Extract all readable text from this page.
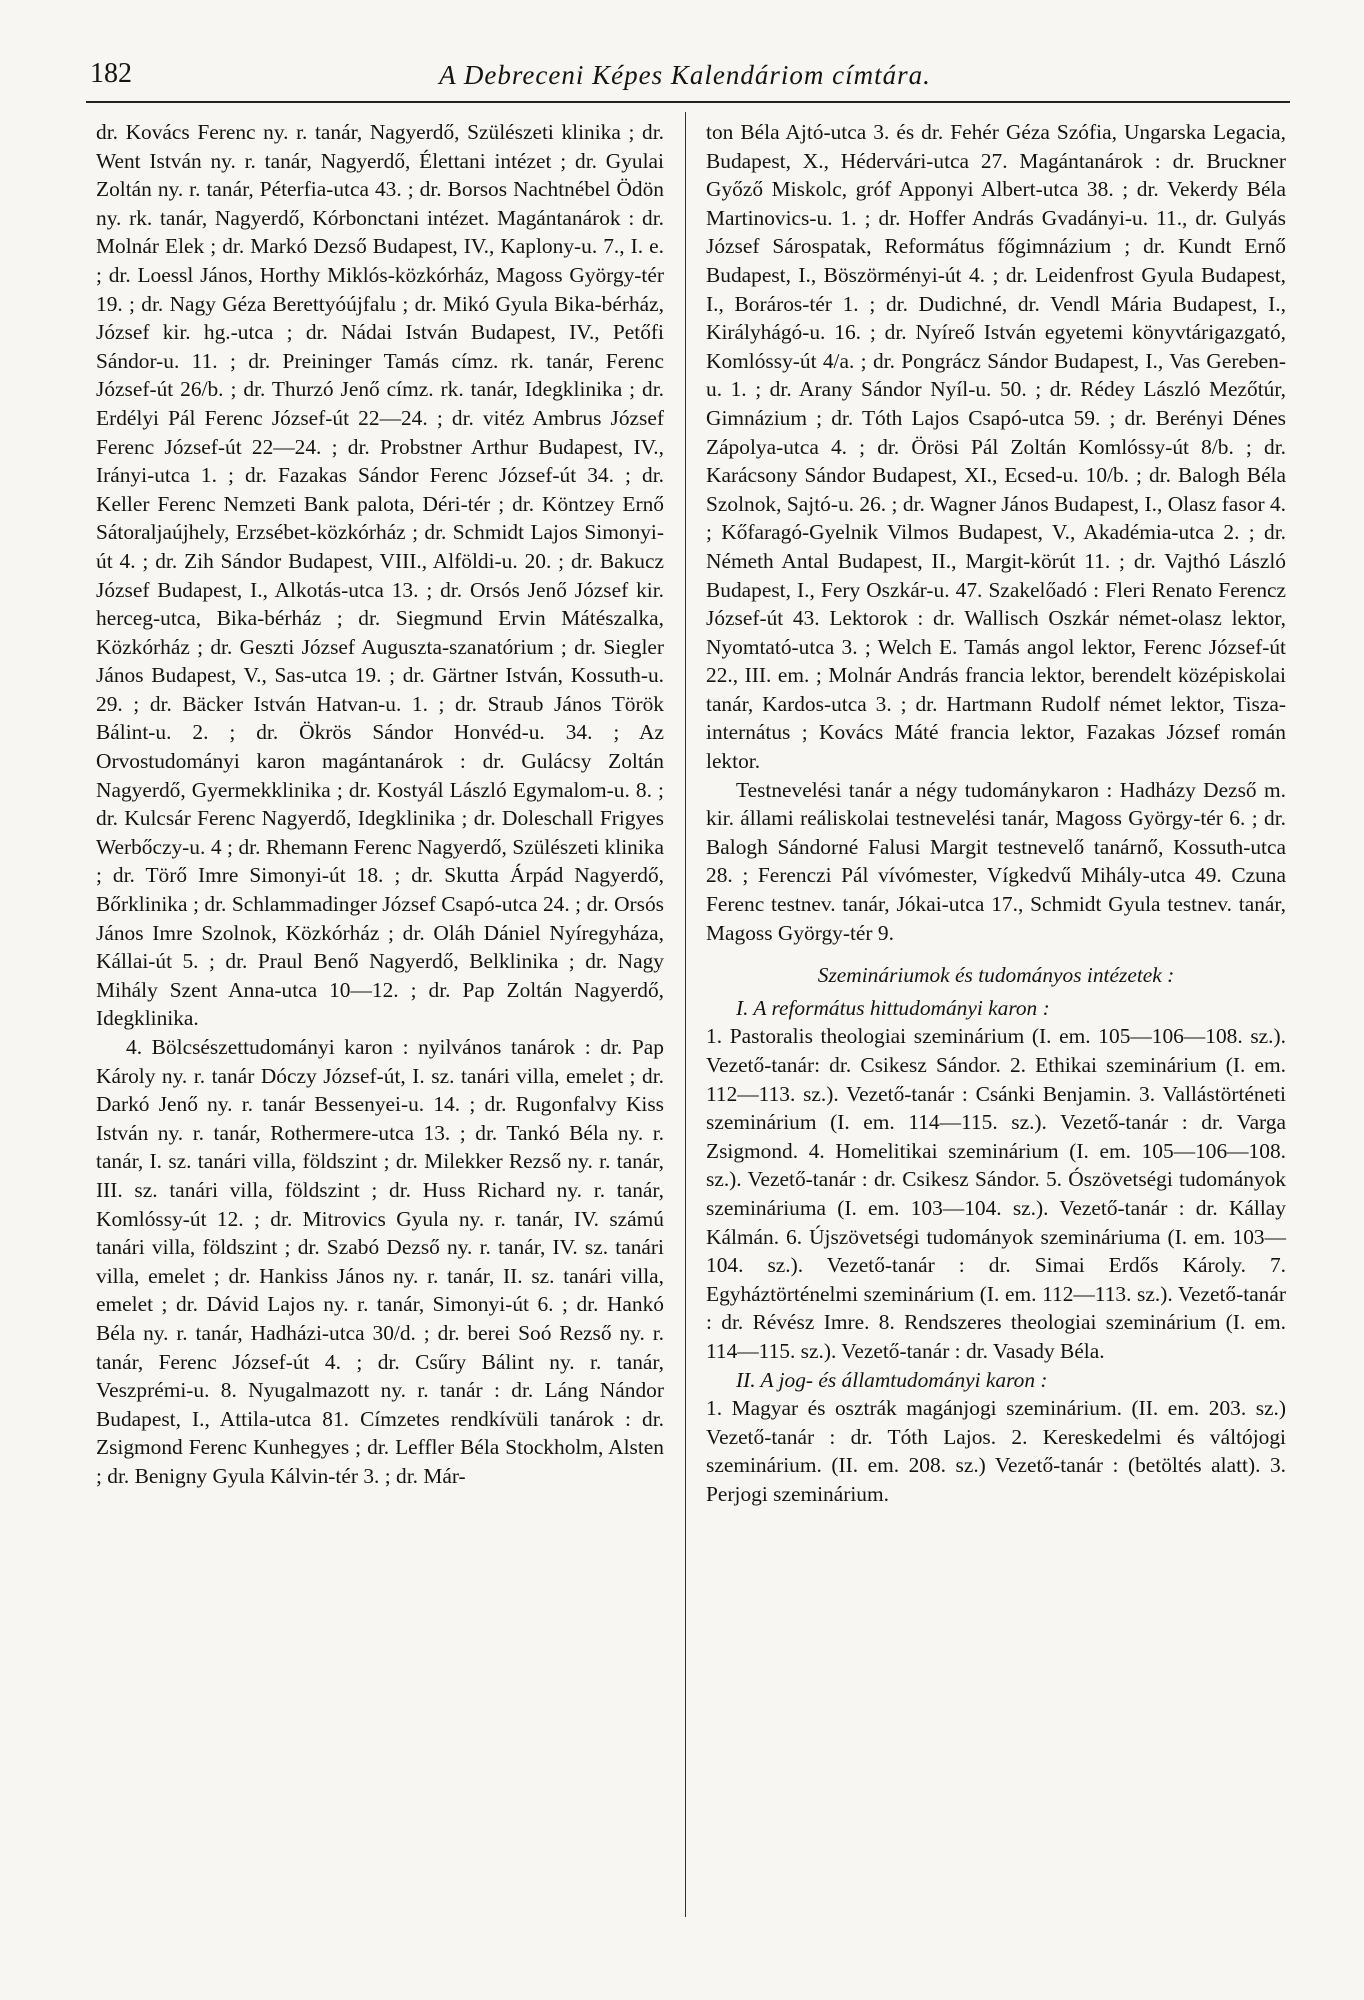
182	A Debreceni Képes Kalendáriom címtára.

dr. Kovács Ferenc ny. r. tanár, Nagyerdő, Szülészeti klinika ; dr. Went István ny. r. tanár, Nagyerdő, Élettani intézet ; dr. Gyulai Zoltán ny. r. tanár, Péterfia-utca 43. ; dr. Borsos Nachtnébel Ödön ny. rk. tanár, Nagyerdő, Kórbonctani intézet. Magántanárok : dr. Molnár Elek ; dr. Markó Dezső Budapest, IV., Kaplony-u. 7., I. e. ; dr. Loessl János, Horthy Miklós-közkórház, Magoss György-tér 19. ; dr. Nagy Géza Berettyóújfalu ; dr. Mikó Gyula Bika-bérház, József kir. hg.-utca ; dr. Nádai István Budapest, IV., Petőfi Sándor-u. 11. ; dr. Preininger Tamás címz. rk. tanár, Ferenc József-út 26/b. ; dr. Thurzó Jenő címz. rk. tanár, Idegklinika ; dr. Erdélyi Pál Ferenc József-út 22—24. ; dr. vitéz Ambrus József Ferenc József-út 22—24. ; dr. Probstner Arthur Budapest, IV., Irányi-utca 1. ; dr. Fazakas Sándor Ferenc József-út 34. ; dr. Keller Ferenc Nemzeti Bank palota, Déri-tér ; dr. Köntzey Ernő Sátoraljaújhely, Erzsébet-közkórház ; dr. Schmidt Lajos Simonyi-út 4. ; dr. Zih Sándor Budapest, VIII., Alföldi-u. 20. ; dr. Bakucz József Budapest, I., Alkotás-utca 13. ; dr. Orsós Jenő József kir. herceg-utca, Bika-bérház ; dr. Siegmund Ervin Mátészalka, Közkórház ; dr. Geszti József Auguszta-szanatórium ; dr. Siegler János Budapest, V., Sas-utca 19. ; dr. Gärtner István, Kossuth-u. 29. ; dr. Bäcker István Hatvan-u. 1. ; dr. Straub János Török Bálint-u. 2. ; dr. Ökrös Sándor Honvéd-u. 34. ; Az Orvostudományi karon magántanárok : dr. Gulácsy Zoltán Nagyerdő, Gyermekklinika ; dr. Kostyál László Egymalom-u. 8. ; dr. Kulcsár Ferenc Nagyerdő, Idegklinika ; dr. Doleschall Frigyes Werbőczy-u. 4 ; dr. Rhemann Ferenc Nagyerdő, Szülészeti klinika ; dr. Törő Imre Simonyi-út 18. ; dr. Skutta Árpád Nagyerdő, Bőrklinika ; dr. Schlammadinger József Csapó-utca 24. ; dr. Orsós János Imre Szolnok, Közkórház ; dr. Oláh Dániel Nyíregyháza, Kállai-út 5. ; dr. Praul Benő Nagyerdő, Belklinika ; dr. Nagy Mihály Szent Anna-utca 10—12. ; dr. Pap Zoltán Nagyerdő, Idegklinika.

4. Bölcsészettudományi karon : nyilvános tanárok : dr. Pap Károly ny. r. tanár Dóczy József-út, I. sz. tanári villa, emelet ; dr. Darkó Jenő ny. r. tanár Bessenyei-u. 14. ; dr. Rugonfalvy Kiss István ny. r. tanár, Rothermere-utca 13. ; dr. Tankó Béla ny. r. tanár, I. sz. tanári villa, földszint ; dr. Milekker Rezső ny. r. tanár, III. sz. tanári villa, földszint ; dr. Huss Richard ny. r. tanár, Komlóssy-út 12. ; dr. Mitrovics Gyula ny. r. tanár, IV. számú tanári villa, földszint ; dr. Szabó Dezső ny. r. tanár, IV. sz. tanári villa, emelet ; dr. Hankiss János ny. r. tanár, II. sz. tanári villa, emelet ; dr. Dávid Lajos ny. r. tanár, Simonyi-út 6. ; dr. Hankó Béla ny. r. tanár, Hadházi-utca 30/d. ; dr. berei Soó Rezső ny. r. tanár, Ferenc József-út 4. ; dr. Csűry Bálint ny. r. tanár, Veszprémi-u. 8. Nyugalmazott ny. r. tanár : dr. Láng Nándor Budapest, I., Attila-utca 81. Címzetes rendkívüli tanárok : dr. Zsigmond Ferenc Kunhegyes ; dr. Leffler Béla Stockholm, Alsten ; dr. Benigny Gyula Kálvin-tér 3. ; dr. Már-

ton Béla Ajtó-utca 3. és dr. Fehér Géza Szófia, Ungarska Legacia, Budapest, X., Hédervári-utca 27. Magántanárok : dr. Bruckner Győző Miskolc, gróf Apponyi Albert-utca 38. ; dr. Vekerdy Béla Martinovics-u. 1. ; dr. Hoffer András Gvadányi-u. 11., dr. Gulyás József Sárospatak, Református főgimnázium ; dr. Kundt Ernő Budapest, I., Böszörményi-út 4. ; dr. Leidenfrost Gyula Budapest, I., Boráros-tér 1. ; dr. Dudichné, dr. Vendl Mária Budapest, I., Királyhágó-u. 16. ; dr. Nyíreő István egyetemi könyvtárigazgató, Komlóssy-út 4/a. ; dr. Pongrácz Sándor Budapest, I., Vas Gereben-u. 1. ; dr. Arany Sándor Nyíl-u. 50. ; dr. Rédey László Mezőtúr, Gimnázium ; dr. Tóth Lajos Csapó-utca 59. ; dr. Berényi Dénes Zápolya-utca 4. ; dr. Örösi Pál Zoltán Komlóssy-út 8/b. ; dr. Karácsony Sándor Budapest, XI., Ecsed-u. 10/b. ; dr. Balogh Béla Szolnok, Sajtó-u. 26. ; dr. Wagner János Budapest, I., Olasz fasor 4. ; Kőfaragó-Gyelnik Vilmos Budapest, V., Akadémia-utca 2. ; dr. Németh Antal Budapest, II., Margit-körút 11. ; dr. Vajthó László Budapest, I., Fery Oszkár-u. 47. Szakelőadó : Fleri Renato Ferencz József-út 43. Lektorok : dr. Wallisch Oszkár német-olasz lektor, Nyomtató-utca 3. ; Welch E. Tamás angol lektor, Ferenc József-út 22., III. em. ; Molnár András francia lektor, berendelt középiskolai tanár, Kardos-utca 3. ; dr. Hartmann Rudolf német lektor, Tisza-internátus ; Kovács Máté francia lektor, Fazakas József román lektor.

Testnevelési tanár a négy tudománykaron : Hadházy Dezső m. kir. állami reáliskolai testnevelési tanár, Magoss György-tér 6. ; dr. Balogh Sándorné Falusi Margit testnevelő tanárnő, Kossuth-utca 28. ; Ferenczi Pál vívómester, Vígkedvű Mihály-utca 49. Czuna Ferenc testnev. tanár, Jókai-utca 17., Schmidt Gyula testnev. tanár, Magoss György-tér 9.

Szemináriumok és tudományos intézetek :

I. A református hittudományi karon :

1. Pastoralis theologiai szeminárium (I. em. 105—106—108. sz.). Vezető-tanár: dr. Csikesz Sándor. 2. Ethikai szeminárium (I. em. 112—113. sz.). Vezető-tanár : Csánki Benjamin. 3. Vallástörténeti szeminárium (I. em. 114—115. sz.). Vezető-tanár : dr. Varga Zsigmond. 4. Homelitikai szeminárium (I. em. 105—106—108. sz.). Vezető-tanár : dr. Csikesz Sándor. 5. Ószövetségi tudományok szemináriuma (I. em. 103—104. sz.). Vezető-tanár : dr. Kállay Kálmán. 6. Újszövetségi tudományok szemináriuma (I. em. 103—104. sz.). Vezető-tanár : dr. Simai Erdős Károly. 7. Egyháztörténelmi szeminárium (I. em. 112—113. sz.). Vezető-tanár : dr. Révész Imre. 8. Rendszeres theologiai szeminárium (I. em. 114—115. sz.). Vezető-tanár : dr. Vasady Béla.

II. A jog- és államtudományi karon :

1. Magyar és osztrák magánjogi szeminárium. (II. em. 203. sz.) Vezető-tanár : dr. Tóth Lajos. 2. Kereskedelmi és váltójogi szeminárium. (II. em. 208. sz.) Vezető-tanár : (betöltés alatt). 3. Perjogi szeminárium.
